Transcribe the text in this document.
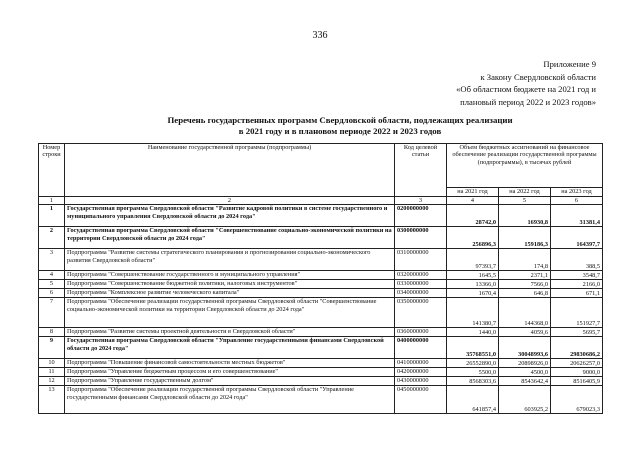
336
Приложение 9
к Закону Свердловской области
«Об областном бюджете на 2021 год и
плановый период 2022 и 2023 годов»
Перечень государственных программ Свердловской области, подлежащих реализации
в 2021 году и в плановом периоде 2022 и 2023 годов
Номер строки	Наименование государственной программы (подпрограммы)	Код целевой статьи	Объем бюджетных ассигнований на финансовое обеспечение реализации государственной программы (подпрограммы), в тысячах рублей		
			на 2021 год	на 2022 год	на 2023 год
1	2	3	4	5	6
1	Государственная программа Свердловской области "Развитие кадровой политики в системе государственного и муниципального управления Свердловской области до 2024 года"	0200000000	28742,0	16930,8	31381,4
2	Государственная программа Свердловской области "Совершенствование социально-экономической политики на территории Свердловской области до 2024 года"	0300000000	256896,3	159186,3	164397,7
3	Подпрограмма "Развитие системы стратегического планирования и прогнозирования социально-экономического развития Свердловской области"	0310000000	97393,7	174,8	388,5
4	Подпрограмма "Совершенствование государственного и муниципального управления"	0320000000	1645,5	2371,1	3548,7
5	Подпрограмма "Совершенствование бюджетной политики, налоговых инструментов"	0330000000	13366,0	7566,0	2166,0
6	Подпрограмма "Комплексное развитие человеческого капитала"	0340000000	1670,4	646,8	671,1
7	Подпрограмма "Обеспечение реализации государственной программы Свердловской области "Совершенствование социально-экономической политики на территории Свердловской области до 2024 года"	0350000000	141380,7	144368,0	151927,7
8	Подпрограмма "Развитие системы проектной деятельности в Свердловской области"	0360000000	1440,0	4059,6	5695,7
9	Государственная программа Свердловской области "Управление государственными финансами Свердловской области до 2024 года"	0400000000	35768551,0	30048993,6	29830686,2
10	Подпрограмма "Повышение финансовой самостоятельности местных бюджетов"	0410000000	26552890,0	20898926,0	20626257,0
11	Подпрограмма "Управление бюджетным процессом и его совершенствование"	0420000000	5500,0	4500,0	9000,0
12	Подпрограмма "Управление государственным долгом"	0430000000	8568303,6	8543642,4	8516405,9
13	Подпрограмма "Обеспечение реализации государственной программы Свердловской области "Управление государственными финансами Свердловской области до 2024 года"	0450000000	641857,4	603925,2	679023,3
